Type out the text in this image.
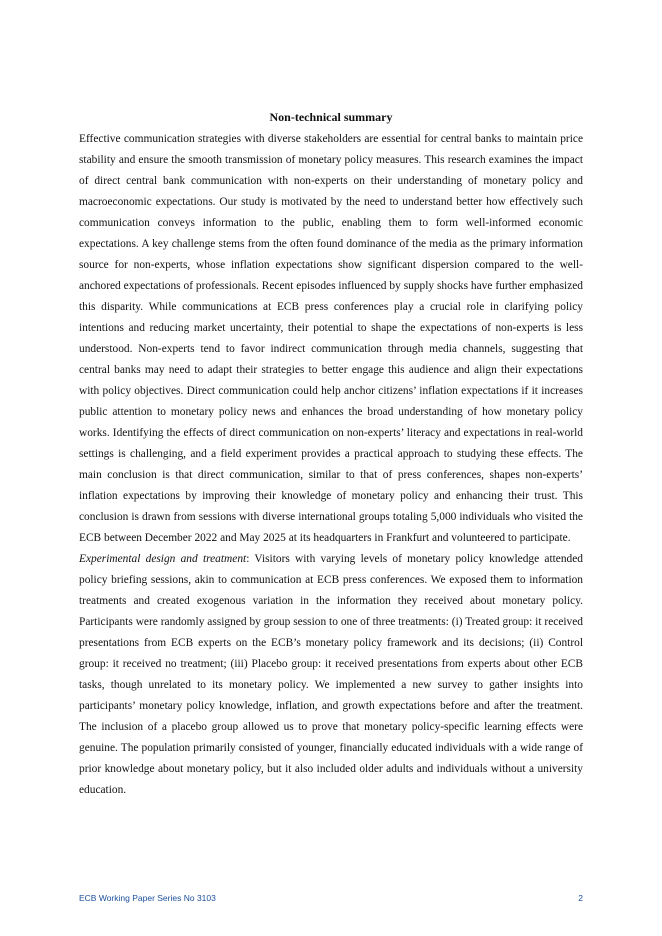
Non-technical summary

Effective communication strategies with diverse stakeholders are essential for central banks to maintain price stability and ensure the smooth transmission of monetary policy measures. This research examines the impact of direct central bank communication with non-experts on their understanding of monetary policy and macroeconomic expectations. Our study is motivated by the need to understand better how effectively such communication conveys information to the public, enabling them to form well-informed economic expectations. A key challenge stems from the often found dominance of the media as the primary information source for non-experts, whose inflation expectations show significant dispersion compared to the well-anchored expectations of professionals. Recent episodes influenced by supply shocks have further emphasized this disparity. While communications at ECB press conferences play a crucial role in clarifying policy intentions and reducing market uncertainty, their potential to shape the expectations of non-experts is less understood. Non-experts tend to favor indirect communication through media channels, suggesting that central banks may need to adapt their strategies to better engage this audience and align their expectations with policy objectives. Direct communication could help anchor citizens’ inflation expectations if it increases public attention to monetary policy news and enhances the broad understanding of how monetary policy works. Identifying the effects of direct communication on non-experts’ literacy and expectations in real-world settings is challenging, and a field experiment provides a practical approach to studying these effects. The main conclusion is that direct communication, similar to that of press conferences, shapes non-experts’ inflation expectations by improving their knowledge of monetary policy and enhancing their trust. This conclusion is drawn from sessions with diverse international groups totaling 5,000 individuals who visited the ECB between December 2022 and May 2025 at its headquarters in Frankfurt and volunteered to participate.

Experimental design and treatment: Visitors with varying levels of monetary policy knowledge attended policy briefing sessions, akin to communication at ECB press conferences. We exposed them to information treatments and created exogenous variation in the information they received about monetary policy. Participants were randomly assigned by group session to one of three treatments: (i) Treated group: it received presentations from ECB experts on the ECB’s monetary policy framework and its decisions; (ii) Control group: it received no treatment; (iii) Placebo group: it received presentations from experts about other ECB tasks, though unrelated to its monetary policy. We implemented a new survey to gather insights into participants’ monetary policy knowledge, inflation, and growth expectations before and after the treatment. The inclusion of a placebo group allowed us to prove that monetary policy-specific learning effects were genuine. The population primarily consisted of younger, financially educated individuals with a wide range of prior knowledge about monetary policy, but it also included older adults and individuals without a university education.

ECB Working Paper Series No 3103	2
